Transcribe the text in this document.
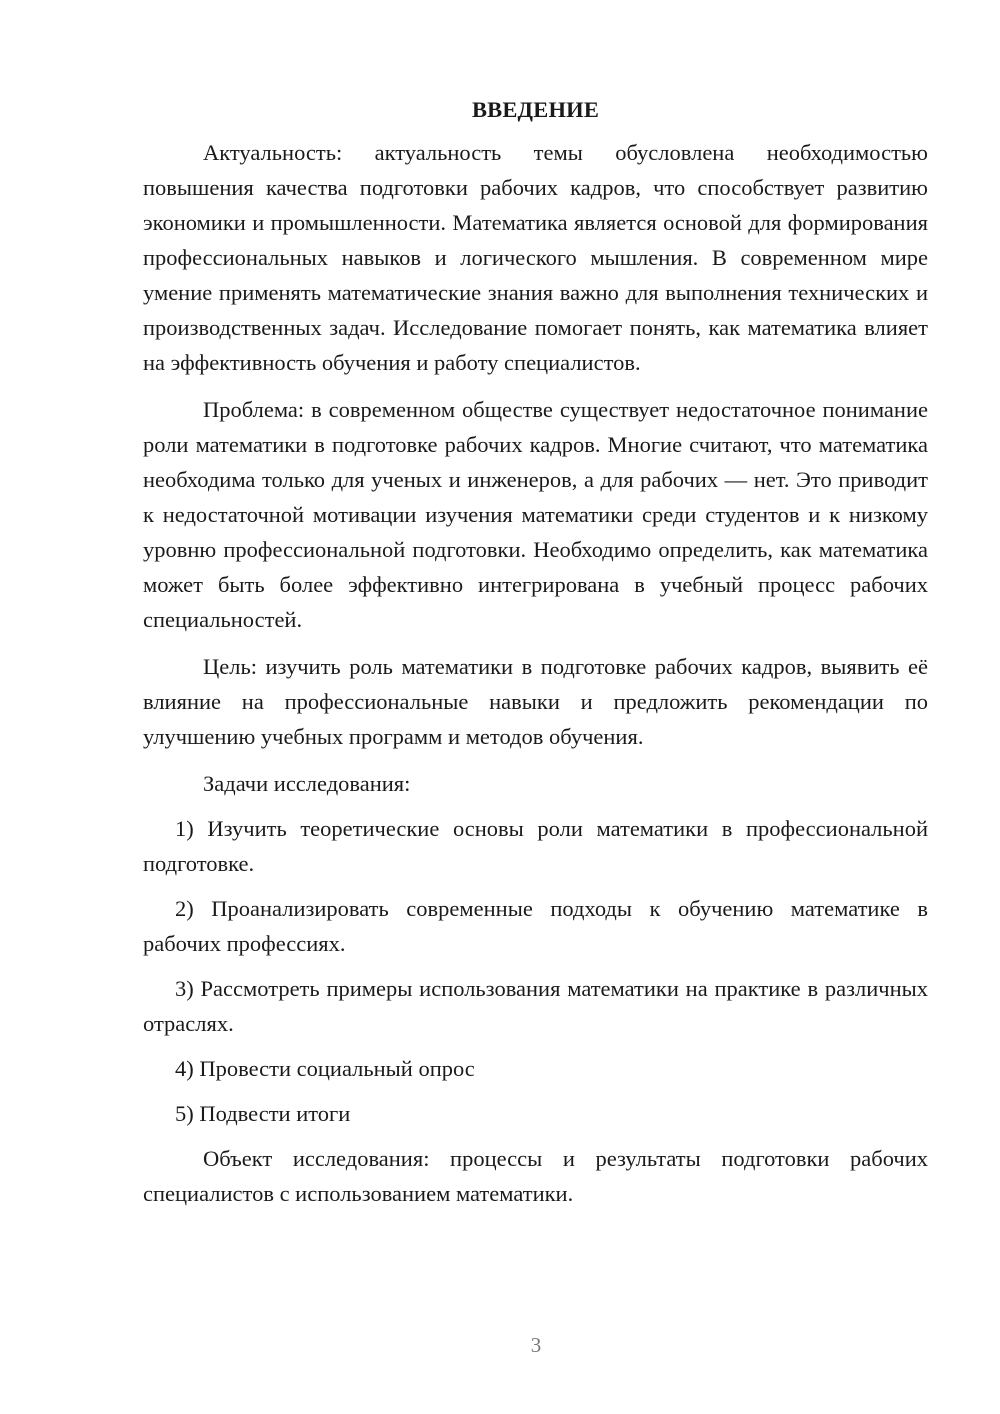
ВВЕДЕНИЕ

Актуальность: актуальность темы обусловлена необходимостью повышения качества подготовки рабочих кадров, что способствует развитию экономики и промышленности. Математика является основой для формирования профессиональных навыков и логического мышления. В современном мире умение применять математические знания важно для выполнения технических и производственных задач. Исследование помогает понять, как математика влияет на эффективность обучения и работу специалистов.

Проблема: в современном обществе существует недостаточное понимание роли математики в подготовке рабочих кадров. Многие считают, что математика необходима только для ученых и инженеров, а для рабочих — нет. Это приводит к недостаточной мотивации изучения математики среди студентов и к низкому уровню профессиональной подготовки. Необходимо определить, как математика может быть более эффективно интегрирована в учебный процесс рабочих специальностей.

Цель: изучить роль математики в подготовке рабочих кадров, выявить её влияние на профессиональные навыки и предложить рекомендации по улучшению учебных программ и методов обучения.

Задачи исследования:

1) Изучить теоретические основы роли математики в профессиональной подготовке.

2) Проанализировать современные подходы к обучению математике в рабочих профессиях.

3) Рассмотреть примеры использования математики на практике в различных отраслях.

4) Провести социальный опрос

5) Подвести итоги

Объект исследования: процессы и результаты подготовки рабочих специалистов с использованием математики.

3
